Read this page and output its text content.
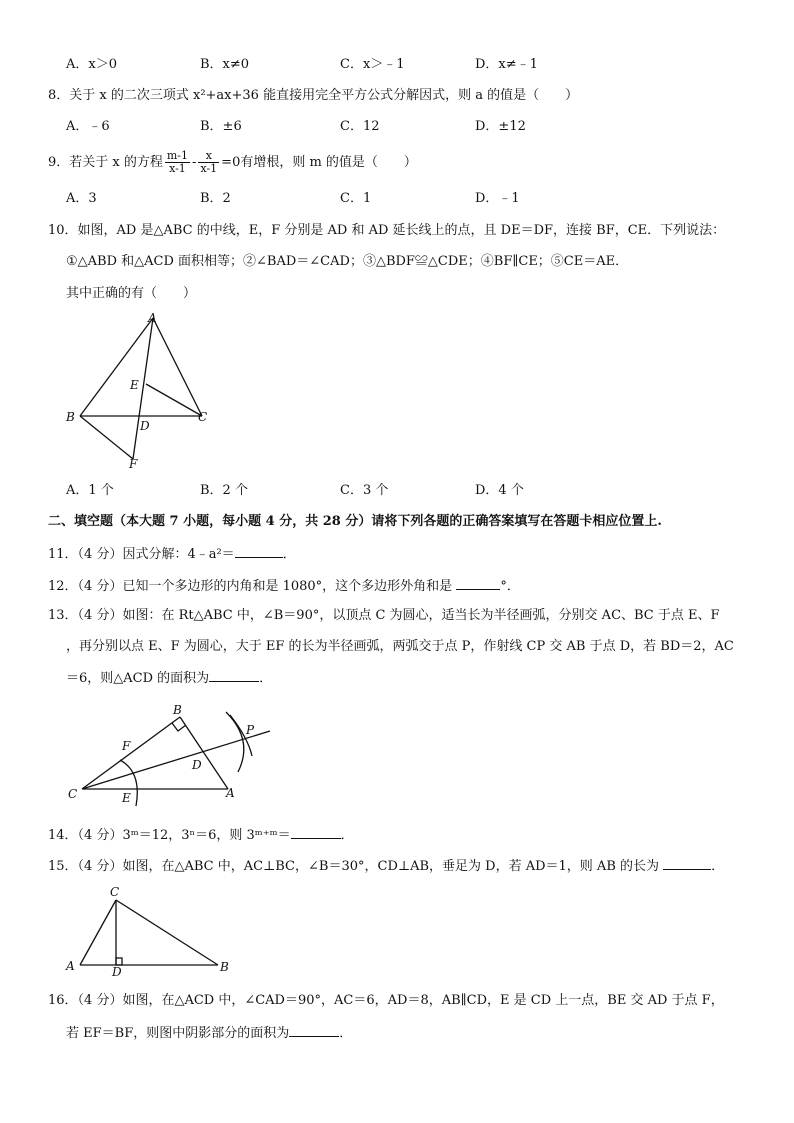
A．x＞0	B．x≠0	C．x＞﹣1	D．x≠﹣1
8．关于 x 的二次三项式 x²+ax+36 能直接用完全平方公式分解因式，则 a 的值是（　　）
A．﹣6	B．±6	C．12	D．±12
9．若关于 x 的方程 $\frac{m-1}{x-1} - \frac{x}{x-1} =0$有增根，则 m 的值是（　　）
A．3	B．2	C．1	D．﹣1
10．如图，AD 是△ABC 的中线，E，F 分别是 AD 和 AD 延长线上的点，且 DE＝DF，连接 BF，CE．下列说法：
①△ABD 和△ACD 面积相等；②∠BAD＝∠CAD；③△BDF≌△CDE；④BF∥CE；⑤CE＝AE．
其中正确的有（　　）
A
B	C
D
E
F
A．1 个	B．2 个	C．3 个	D．4 个
二、填空题（本大题 7 小题，每小题 4 分，共 28 分）请将下列各题的正确答案填写在答题卡相应位置上.
11．（4 分）因式分解：4﹣a²＝	．
12．（4 分）已知一个多边形的内角和是 1080°，这个多边形外角和是	°．
13．（4 分）如图：在 Rt△ABC 中，∠B＝90°，以顶点 C 为圆心，适当长为半径画弧，分别交 AC、BC 于点 E、F
，再分别以点 E、F 为圆心，大于 EF 的长为半径画弧，两弧交于点 P，作射线 CP 交 AB 于点 D，若 BD＝2，AC
＝6，则△ACD 的面积为	．
B
F
P
D
C	E	A
14．（4 分）3ᵐ＝12，3ⁿ＝6，则 3ᵐ⁺ᵐ＝	．
15．（4 分）如图，在△ABC 中，AC⊥BC，∠B＝30°，CD⊥AB，垂足为 D，若 AD＝1，则 AB 的长为	．
C
A	D	B
16．（4 分）如图，在△ACD 中，∠CAD＝90°，AC＝6，AD＝8，AB∥CD，E 是 CD 上一点，BE 交 AD 于点 F，
若 EF＝BF，则图中阴影部分的面积为	．
